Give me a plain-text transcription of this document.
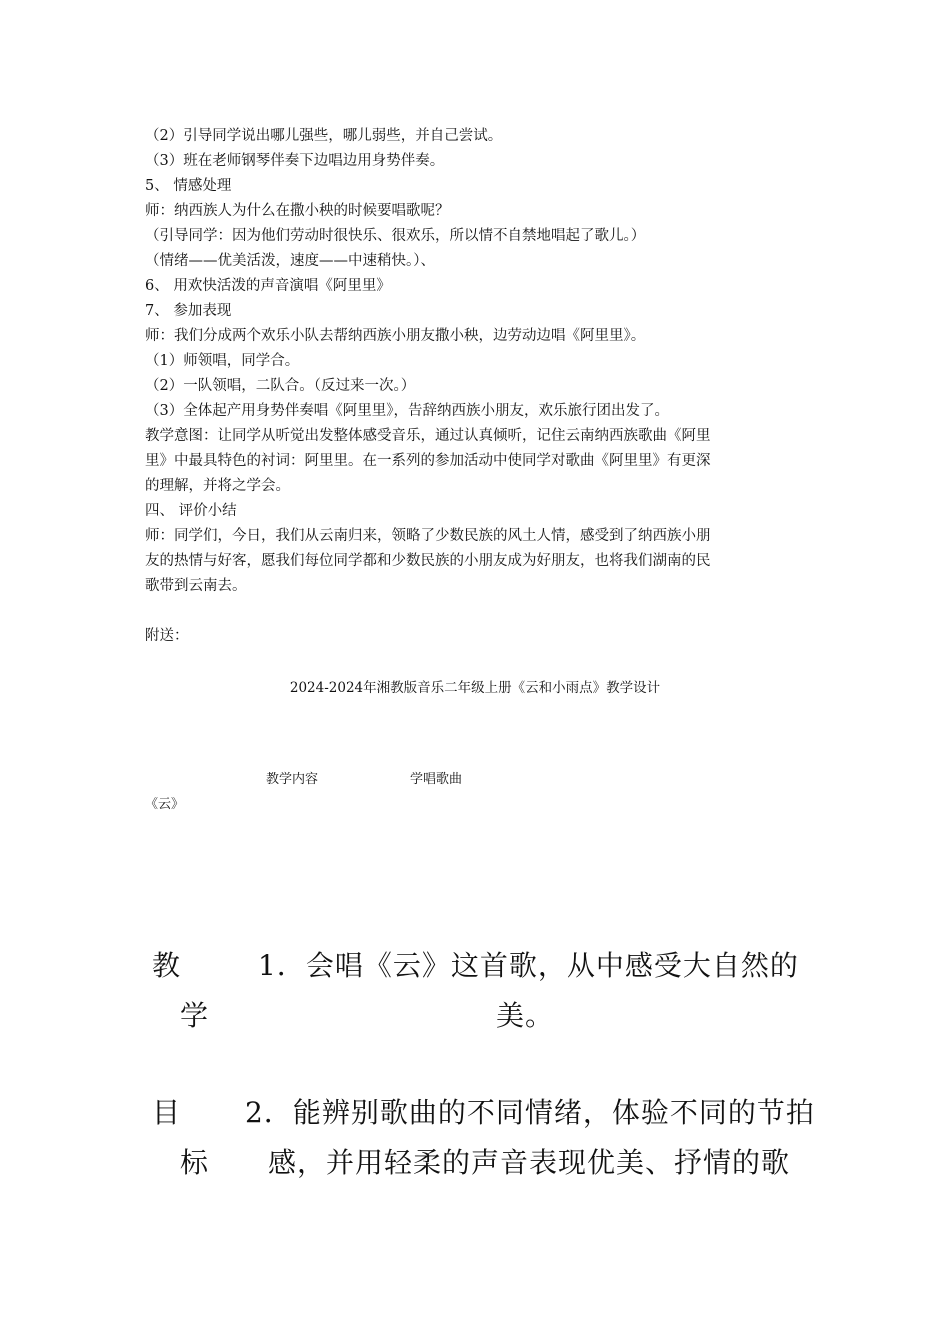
（2）引导同学说出哪儿强些，哪儿弱些，并自己尝试。
（3）班在老师钢琴伴奏下边唱边用身势伴奏。
5、 情感处理
师：纳西族人为什么在撒小秧的时候要唱歌呢？
（引导同学：因为他们劳动时很快乐、很欢乐，所以情不自禁地唱起了歌儿。）
（情绪——优美活泼，速度——中速稍快。）、
6、 用欢快活泼的声音演唱《阿里里》
7、 参加表现
师：我们分成两个欢乐小队去帮纳西族小朋友撒小秧，边劳动边唱《阿里里》。
（1）师领唱，同学合。
（2）一队领唱，二队合。（反过来一次。）
（3）全体起产用身势伴奏唱《阿里里》，告辞纳西族小朋友，欢乐旅行团出发了。
教学意图：让同学从听觉出发整体感受音乐，通过认真倾听，记住云南纳西族歌曲《阿里
里》中最具特色的衬词：阿里里。在一系列的参加活动中使同学对歌曲《阿里里》有更深
的理解，并将之学会。
四、 评价小结
师：同学们，今日，我们从云南归来，领略了少数民族的风土人情，感受到了纳西族小朋
友的热情与好客，愿我们每位同学都和少数民族的小朋友成为好朋友，也将我们湖南的民
歌带到云南去。
附送：
2024-2024年湘教版音乐二年级上册《云和小雨点》教学设计
教学内容	学唱歌曲
《云》
教
学
目
标
1．会唱《云》这首歌，从中感受大自然的
美。
2．能辨别歌曲的不同情绪，体验不同的节拍
感，并用轻柔的声音表现优美、抒情的歌
